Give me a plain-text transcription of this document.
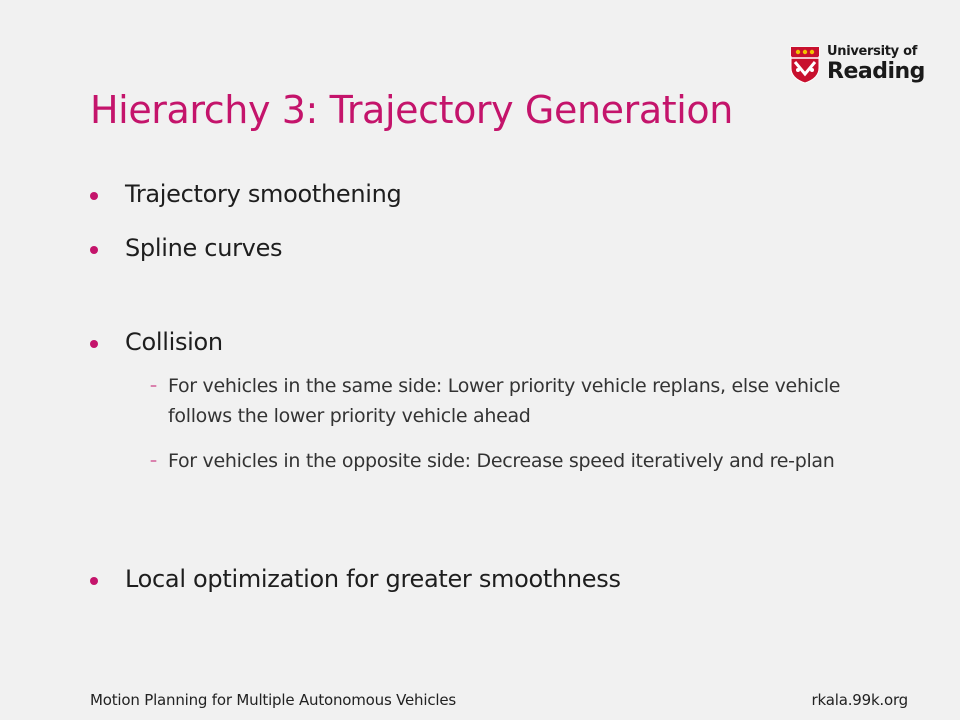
University of
Reading
Hierarchy 3: Trajectory Generation
Trajectory smoothening
Spline curves
Collision
– For vehicles in the same side: Lower priority vehicle replans, else vehicle follows the lower priority vehicle ahead
– For vehicles in the opposite side: Decrease speed iteratively and re-plan
Local optimization for greater smoothness
Motion Planning for Multiple Autonomous Vehicles	rkala.99k.org
